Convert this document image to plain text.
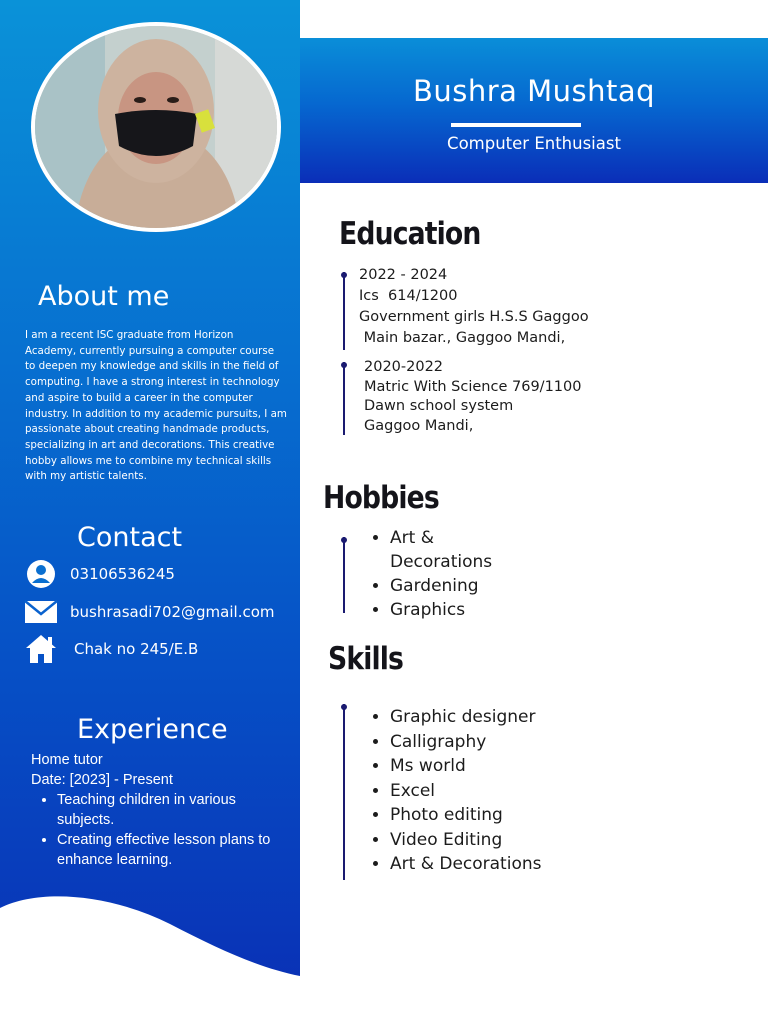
About me

I am a recent ISC graduate from Horizon Academy, currently pursuing a computer course to deepen my knowledge and skills in the field of computing. I have a strong interest in technology and aspire to build a career in the computer industry. In addition to my academic pursuits, I am passionate about creating handmade products, specializing in art and decorations. This creative hobby allows me to combine my technical skills with my artistic talents.

Contact
03106536245
bushrasadi702@gmail.com
Chak no 245/E.B
Experience
Home tutor
Date: [2023] - Present
• Teaching children in various subjects.
• Creating effective lesson plans to enhance learning.
Bushra Mushtaq
Computer Enthusiast
Education
2022 - 2024
Ics  614/1200
Government girls H.S.S Gaggoo
Main bazar., Gaggoo Mandi,
2020-2022
Matric With Science 769/1100
Dawn school system
Gaggoo Mandi,
Hobbies
• Art & Decorations
• Gardening
• Graphics
Skills
• Graphic designer
• Calligraphy
• Ms world
• Excel
• Photo editing
• Video Editing
• Art & Decorations
